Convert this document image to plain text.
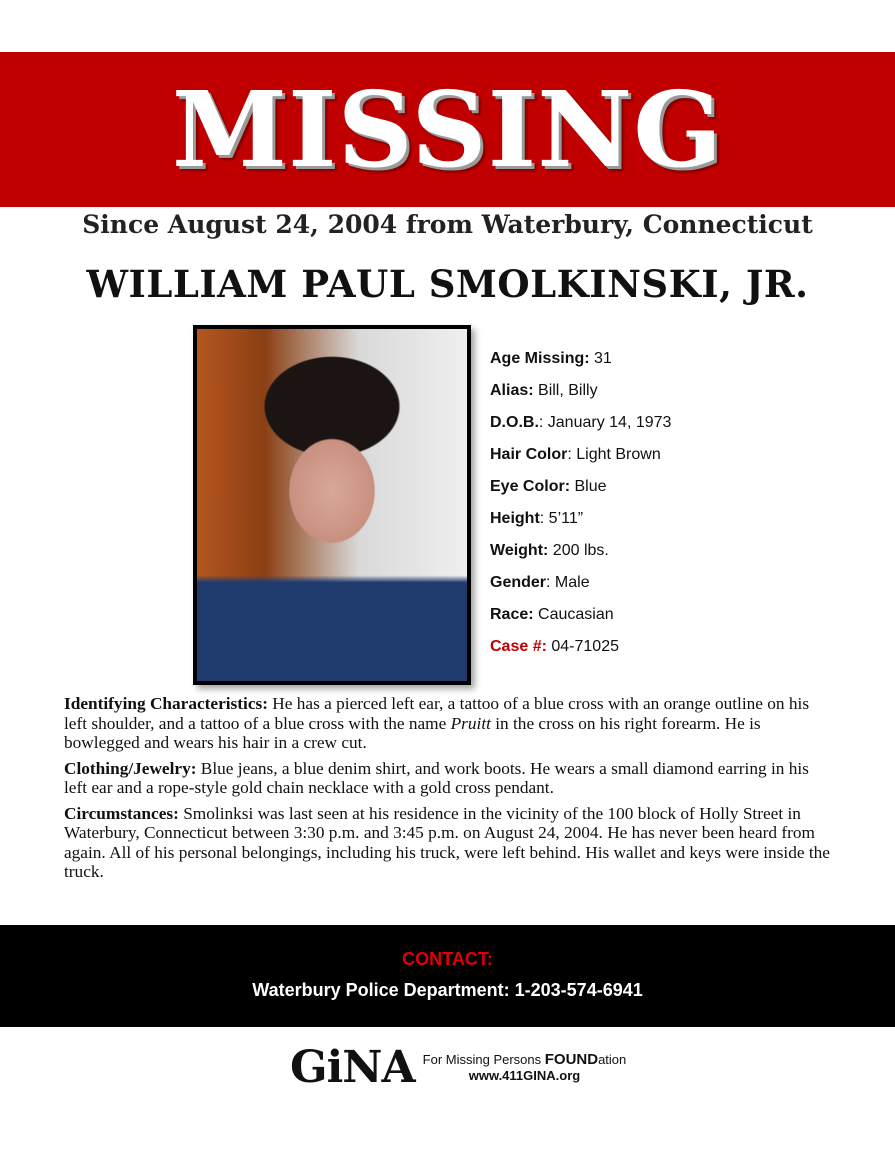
MISSING
Since August 24, 2004 from Waterbury, Connecticut
WILLIAM PAUL SMOLKINSKI, JR.
Age Missing: 31
Alias: Bill, Billy
D.O.B.: January 14, 1973
Hair Color: Light Brown
Eye Color: Blue
Height: 5’11”
Weight: 200 lbs.
Gender: Male
Race: Caucasian
Case #: 04-71025

Identifying Characteristics: He has a pierced left ear, a tattoo of a blue cross with an orange outline on his left shoulder, and a tattoo of a blue cross with the name Pruitt in the cross on his right forearm. He is bowlegged and wears his hair in a crew cut.

Clothing/Jewelry: Blue jeans, a blue denim shirt, and work boots. He wears a small diamond earring in his left ear and a rope-style gold chain necklace with a gold cross pendant.

Circumstances: Smolinksi was last seen at his residence in the vicinity of the 100 block of Holly Street in Waterbury, Connecticut between 3:30 p.m. and 3:45 p.m. on August 24, 2004. He has never been heard from again. All of his personal belongings, including his truck, were left behind. His wallet and keys were inside the truck.

CONTACT:
Waterbury Police Department: 1-203-574-6941
GiNA For Missing Persons FOUNDation
www.411GINA.org
